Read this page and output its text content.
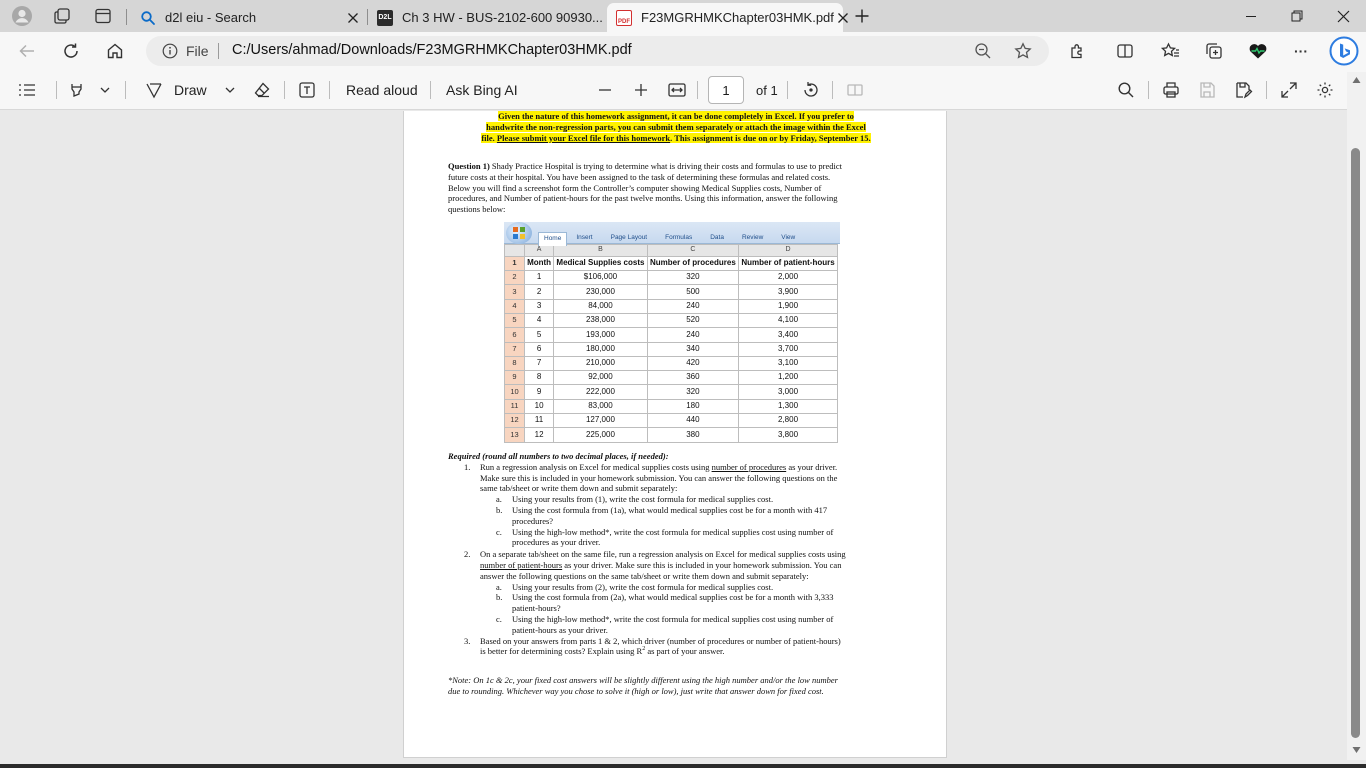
d2l eiu - Search	D2L Ch 3 HW - BUS-2102-600 90930...	PDF F23MGRHMKChapter03HMK.pdf
File C:/Users/ahmad/Downloads/F23MGRHMKChapter03HMK.pdf	···
Draw	Read aloud Ask Bing AI	1	of 1
Given the nature of this homework assignment, it can be done completely in Excel. If you prefer to
handwrite the non-regression parts, you can submit them separately or attach the image within the Excel
file. Please submit your Excel file for this homework. This assignment is due on or by Friday, September 15.
Question 1) Shady Practice Hospital is trying to determine what is driving their costs and formulas to use to predict
future costs at their hospital. You have been assigned to the task of determining these formulas and related costs.
Below you will find a screenshot form the Controller’s computer showing Medical Supplies costs, Number of
procedures, and Number of patient-hours for the past twelve months. Using this information, answer the following
questions below:
Home	Insert	Page Layout	Formulas	Data	Review	View
	A	B	C	D
1	Month	Medical Supplies costs	Number of procedures	Number of patient-hours
2	1	$106,000	320	2,000
3	2	230,000	500	3,900
4	3	84,000	240	1,900
5	4	238,000	520	4,100
6	5	193,000	240	3,400
7	6	180,000	340	3,700
8	7	210,000	420	3,100
9	8	92,000	360	1,200
10	9	222,000	320	3,000
11	10	83,000	180	1,300
12	11	127,000	440	2,800
13	12	225,000	380	3,800
Required (round all numbers to two decimal places, if needed):
1. Run a regression analysis on Excel for medical supplies costs using number of procedures as your driver.
Make sure this is included in your homework submission. You can answer the following questions on the
same tab/sheet or write them down and submit separately:
a. Using your results from (1), write the cost formula for medical supplies cost.
b. Using the cost formula from (1a), what would medical supplies cost be for a month with 417
procedures?
c. Using the high-low method*, write the cost formula for medical supplies cost using number of
procedures as your driver.
2. On a separate tab/sheet on the same file, run a regression analysis on Excel for medical supplies costs using
number of patient-hours as your driver. Make sure this is included in your homework submission. You can
answer the following questions on the same tab/sheet or write them down and submit separately:
a. Using your results from (2), write the cost formula for medical supplies cost.
b. Using the cost formula from (2a), what would medical supplies cost be for a month with 3,333
patient-hours?
c. Using the high-low method*, write the cost formula for medical supplies cost using number of
patient-hours as your driver.
3. Based on your answers from parts 1 & 2, which driver (number of procedures or number of patient-hours)
is better for determining costs? Explain using $R^2$ as part of your answer.
*Note: On 1c & 2c, your fixed cost answers will be slightly different using the high number and/or the low number
due to rounding. Whichever way you chose to solve it (high or low), just write that answer down for fixed cost.
